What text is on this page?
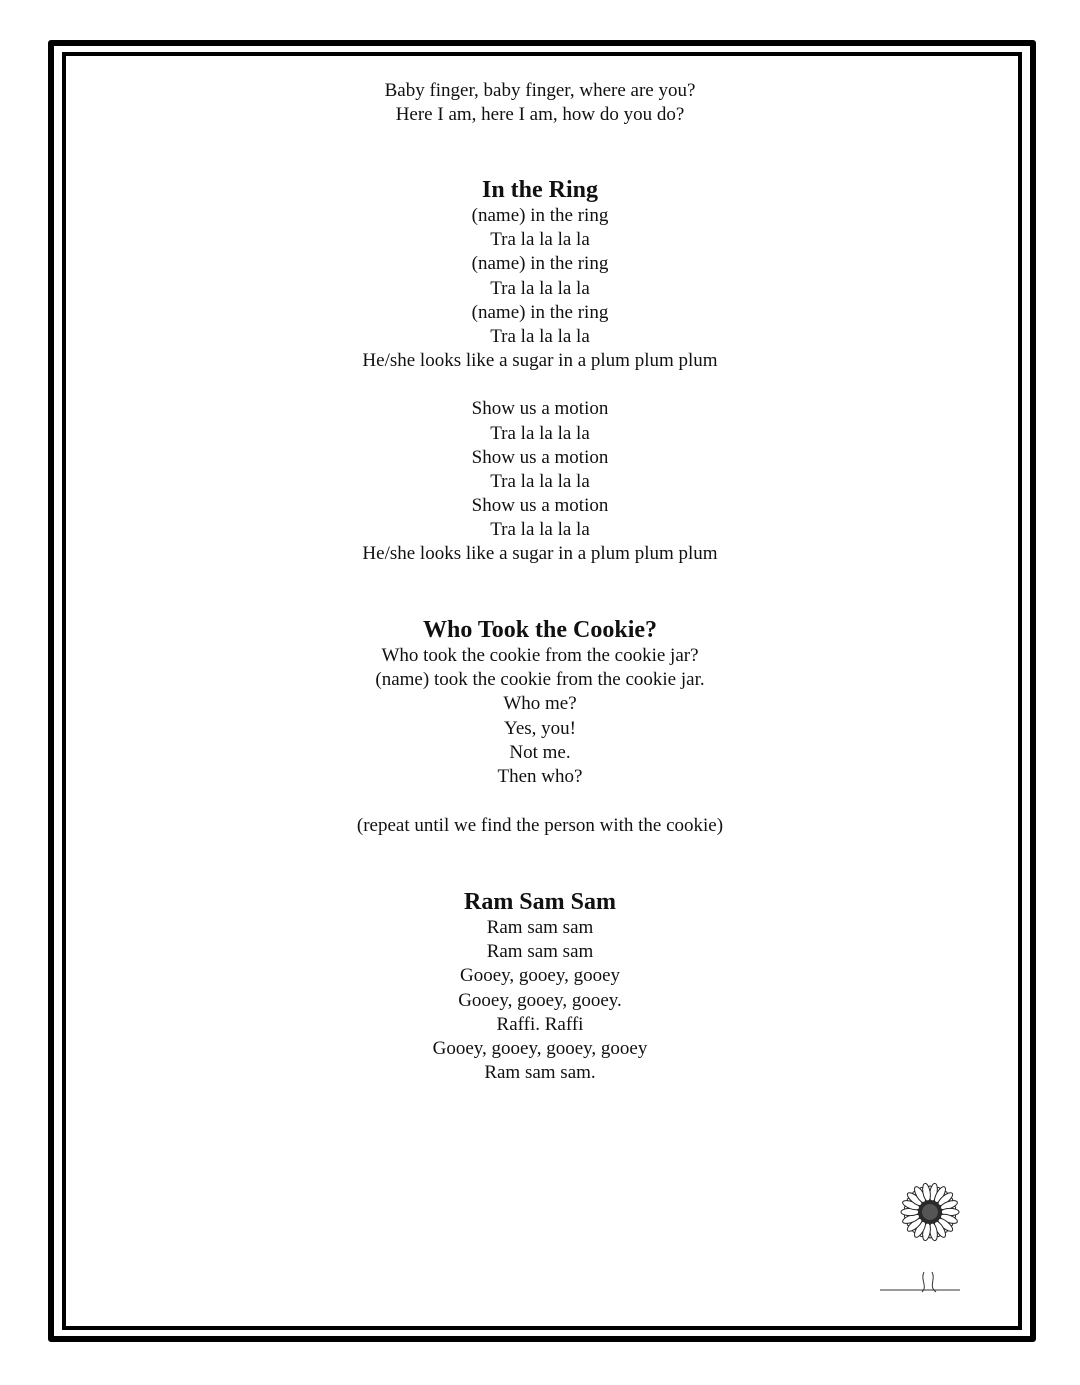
Baby finger, baby finger, where are you?
Here I am, here I am, how do you do?
In the Ring
(name) in the ring
Tra la la la la
(name) in the ring
Tra la la la la
(name) in the ring
Tra la la la la
He/she looks like a sugar in a plum plum plum
Show us a motion
Tra la la la la
Show us a motion
Tra la la la la
Show us a motion
Tra la la la la
He/she looks like a sugar in a plum plum plum
Who Took the Cookie?
Who took the cookie from the cookie jar?
(name) took the cookie from the cookie jar.
Who me?
Yes, you!
Not me.
Then who?
(repeat until we find the person with the cookie)
Ram Sam Sam
Ram sam sam
Ram sam sam
Gooey, gooey, gooey
Gooey, gooey, gooey.
Raffi. Raffi
Gooey, gooey, gooey, gooey
Ram sam sam.
